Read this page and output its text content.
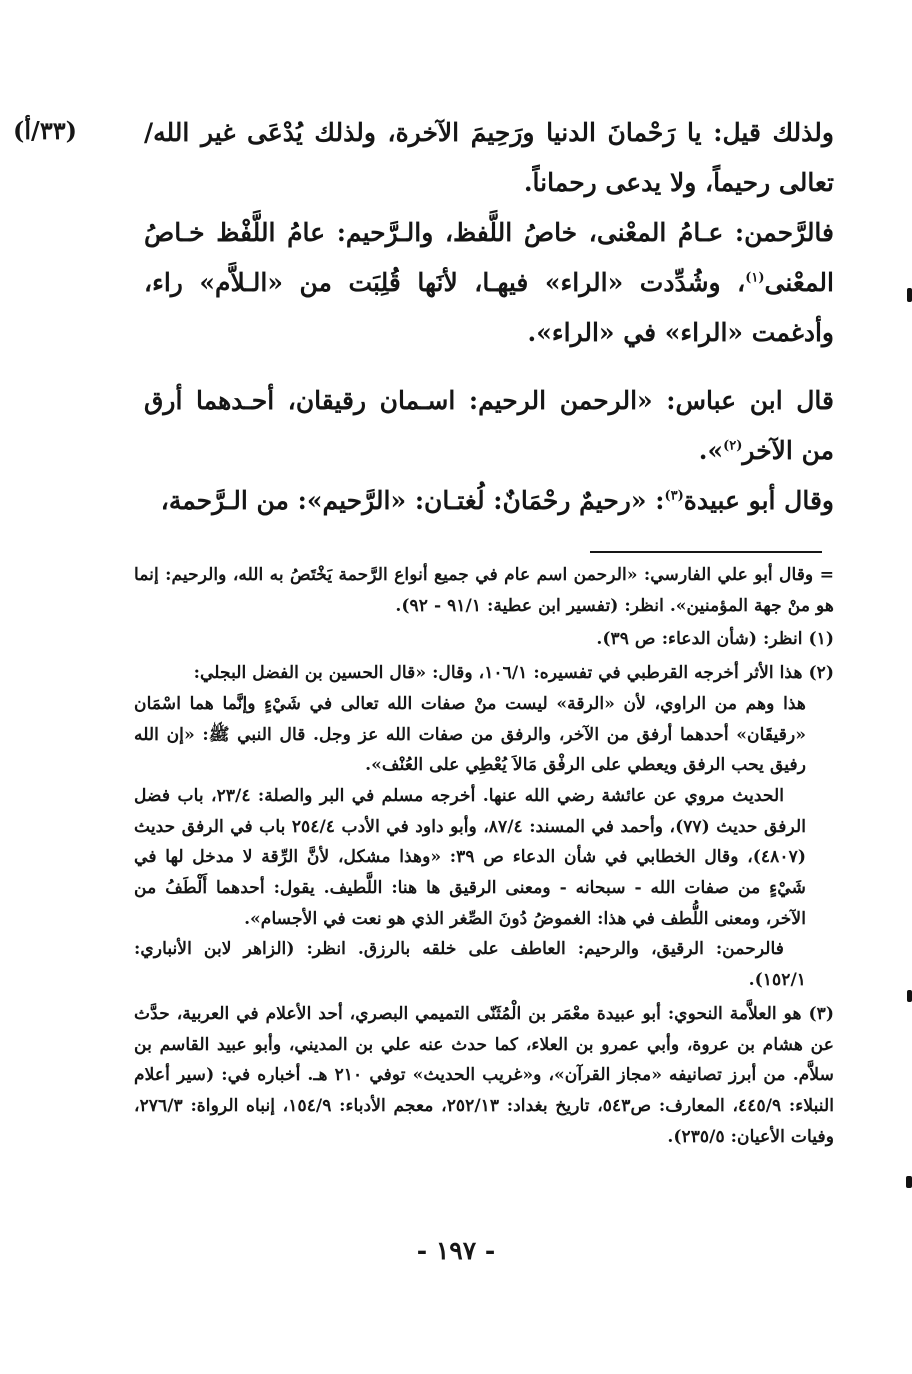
(٣٣/أ)	ولذلك قيل: يا رَحْمانَ الدنيا ورَحِيمَ الآخرة، ولذلك يُدْعَى غير الله/ تعالى رحيماً، ولا يدعى رحماناً.

فالرَّحمن: عـامُ المعْنى، خاصُ اللَّفظ، والـرَّحيم: عامُ اللَّفْظ خـاصُ المعْنى$^{(١)}$، وشُدِّدت «الراء» فيهـا، لأنَها قُلِبَت من «الـلاَّم» راء، وأدغمت «الراء» في «الراء».

قال ابن عباس: «الرحمن الرحيم: اسـمان رقيقان، أحـدهما أرق من الآخر$^{(٢)}$».

وقال أبو عبيدة$^{(٣)}$: «رحيمٌ رحْمَانٌ: لُغتـان: «الرَّحيم»: من الـرَّحمة،

= وقال أبو علي الفارسي: «الرحمن اسم عام في جميع أنواع الرَّحمة يَخْتَصُ به الله، والرحيم: إنما هو منْ جهة المؤمنين». انظر: (تفسير ابن عطية: ٩١/١ - ٩٢).

(١) انظر: (شأن الدعاء: ص ٣٩).

(٢) هذا الأثر أخرجه القرطبي في تفسيره: ١٠٦/١، وقال: «قال الحسين بن الفضل البجلي:

هذا وهم من الراوي، لأن «الرقة» ليست منْ صفات الله تعالى في شَيْءٍ وإنَّما هما اسْمَان «رقيقَان» أحدهما أرفق من الآخر، والرفق من صفات الله عز وجل. قال النبي ﷺ: «إن الله رفيق يحب الرفق ويعطي على الرفْق مَالاَ يُعْطِي على العُنْف».

الحديث مروي عن عائشة رضي الله عنها. أخرجه مسلم في البر والصلة: ٢٣/٤، باب فضل الرفق حديث (٧٧)، وأحمد في المسند: ٨٧/٤، وأبو داود في الأدب ٢٥٤/٤ باب في الرفق حديث (٤٨٠٧)، وقال الخطابي في شأن الدعاء ص ٣٩: «وهذا مشكل، لأنَّ الرِّقة لا مدخل لها في شَيْءٍ من صفات الله - سبحانه - ومعنى الرقيق ها هنا: اللَّطيف. يقول: أحدهما أَلْطَفُ من الآخر، ومعنى اللُّطف في هذا: الغموضُ دُونَ الصِّغر الذي هو نعت في الأجسام».

فالرحمن: الرقيق، والرحيم: العاطف على خلقه بالرزق. انظر: (الزاهر لابن الأنباري: ١٥٢/١).

(٣) هو العلاَّمة النحوي: أبو عبيدة معْمَر بن الْمُثَنّى التميمي البصري، أحد الأعلام في العربية، حدَّث عن هشام بن عروة، وأبي عمرو بن العلاء، كما حدث عنه علي بن المديني، وأبو عبيد القاسم بن سلاَّم. من أبرز تصانيفه «مجاز القرآن»، و«غريب الحديث» توفي ٢١٠ هـ. أخباره في: (سير أعلام النبلاء: ٤٤٥/٩، المعارف: ص٥٤٣، تاريخ بغداد: ٢٥٢/١٣، معجم الأدباء: ١٥٤/٩، إنباه الرواة: ٢٧٦/٣، وفيات الأعيان: ٢٣٥/٥).

- ١٩٧ -
